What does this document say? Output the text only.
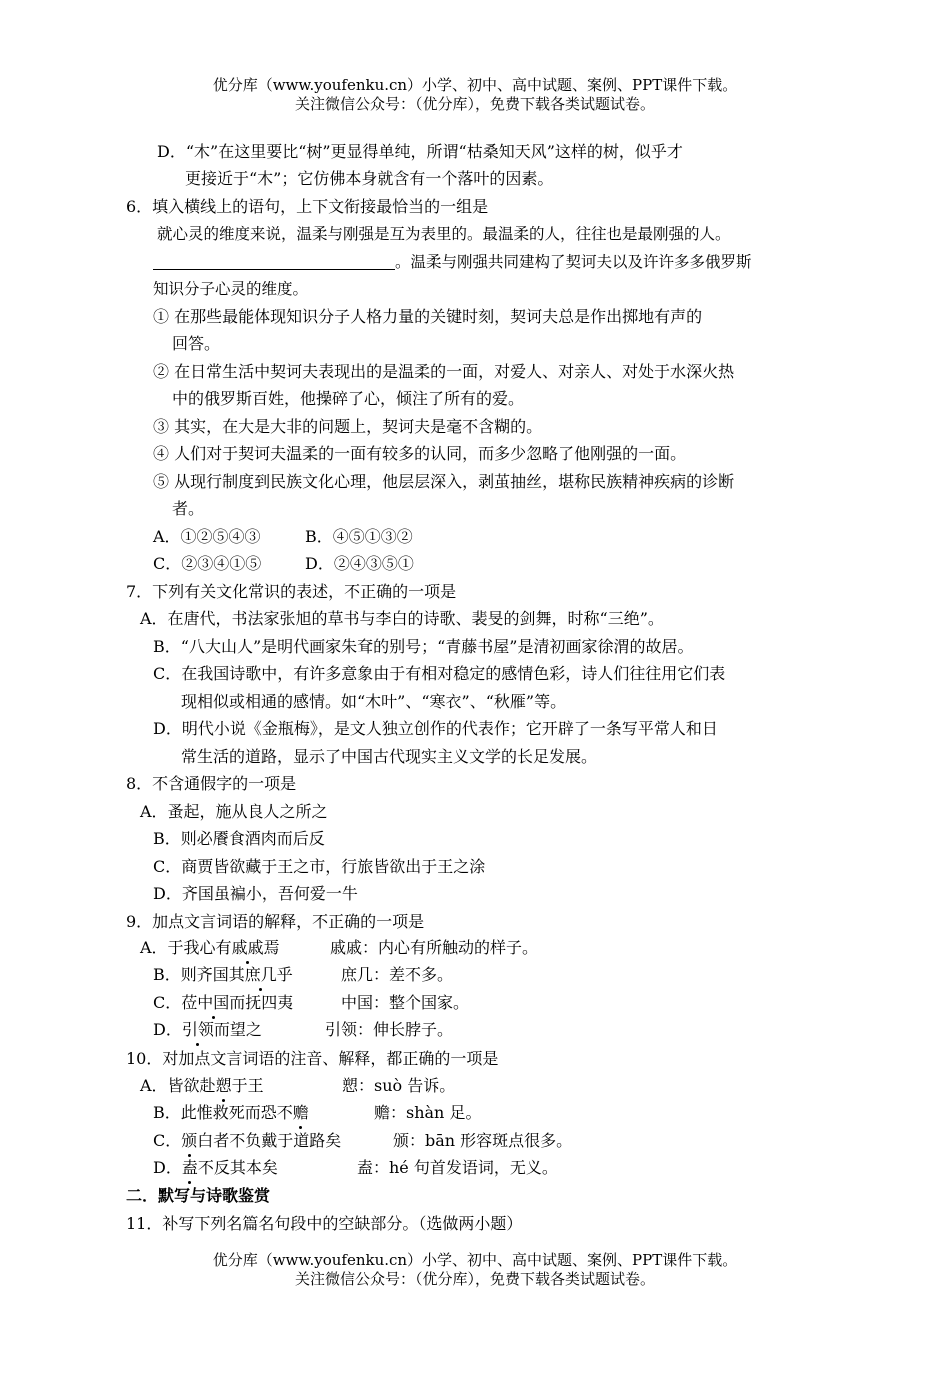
优分库（www.youfenku.cn）小学、初中、高中试题、案例、PPT课件下载。
关注微信公众号：（优分库），免费下载各类试题试卷。
D．“木”在这里要比“树”更显得单纯，所谓“枯桑知天风”这样的树，似乎才
更接近于“木”；它仿佛本身就含有一个落叶的因素。
6．填入横线上的语句，上下文衔接最恰当的一组是
就心灵的维度来说，温柔与刚强是互为表里的。最温柔的人，往往也是最刚强的人。
。温柔与刚强共同建构了契诃夫以及许许多多俄罗斯
知识分子心灵的维度。
① 在那些最能体现知识分子人格力量的关键时刻，契诃夫总是作出掷地有声的
回答。
② 在日常生活中契诃夫表现出的是温柔的一面，对爱人、对亲人、对处于水深火热
中的俄罗斯百姓，他操碎了心，倾注了所有的爱。
③ 其实，在大是大非的问题上，契诃夫是毫不含糊的。
④ 人们对于契诃夫温柔的一面有较多的认同，而多少忽略了他刚强的一面。
⑤ 从现行制度到民族文化心理，他层层深入，剥茧抽丝，堪称民族精神疾病的诊断
者。
A．①②⑤④③	B．④⑤①③②
C．②③④①⑤	D．②④③⑤①
7．下列有关文化常识的表述，不正确的一项是
A．在唐代，书法家张旭的草书与李白的诗歌、裴旻的剑舞，时称“三绝”。
B．“八大山人”是明代画家朱耷的别号；“青藤书屋”是清初画家徐渭的故居。
C．在我国诗歌中，有许多意象由于有相对稳定的感情色彩，诗人们往往用它们表
现相似或相通的感情。如“木叶”、“寒衣”、“秋雁”等。
D．明代小说《金瓶梅》，是文人独立创作的代表作；它开辟了一条写平常人和日
常生活的道路，显示了中国古代现实主义文学的长足发展。
8．不含通假字的一项是
A．蚤起，施从良人之所之
B．则必餍食酒肉而后反
C．商贾皆欲藏于王之市，行旅皆欲出于王之涂
D．齐国虽褊小，吾何爱一牛
9．加点文言词语的解释，不正确的一项是
A．于我心有戚戚焉	戚戚：内心有所触动的样子。
B．则齐国其庶几乎	庶几：差不多。
C．莅中国而抚四夷	中国：整个国家。
D．引领而望之	引领：伸长脖子。
10．对加点文言词语的注音、解释，都正确的一项是
A．皆欲赴愬于王	愬：suò 告诉。
B．此惟救死而恐不赡	赡：shàn 足。
C．颁白者不负戴于道路矣	颁：bān 形容斑点很多。
D．盍不反其本矣	盍：hé 句首发语词，无义。
二．默写与诗歌鉴赏
11．补写下列名篇名句段中的空缺部分。（选做两小题）
优分库（www.youfenku.cn）小学、初中、高中试题、案例、PPT课件下载。
关注微信公众号：（优分库），免费下载各类试题试卷。
